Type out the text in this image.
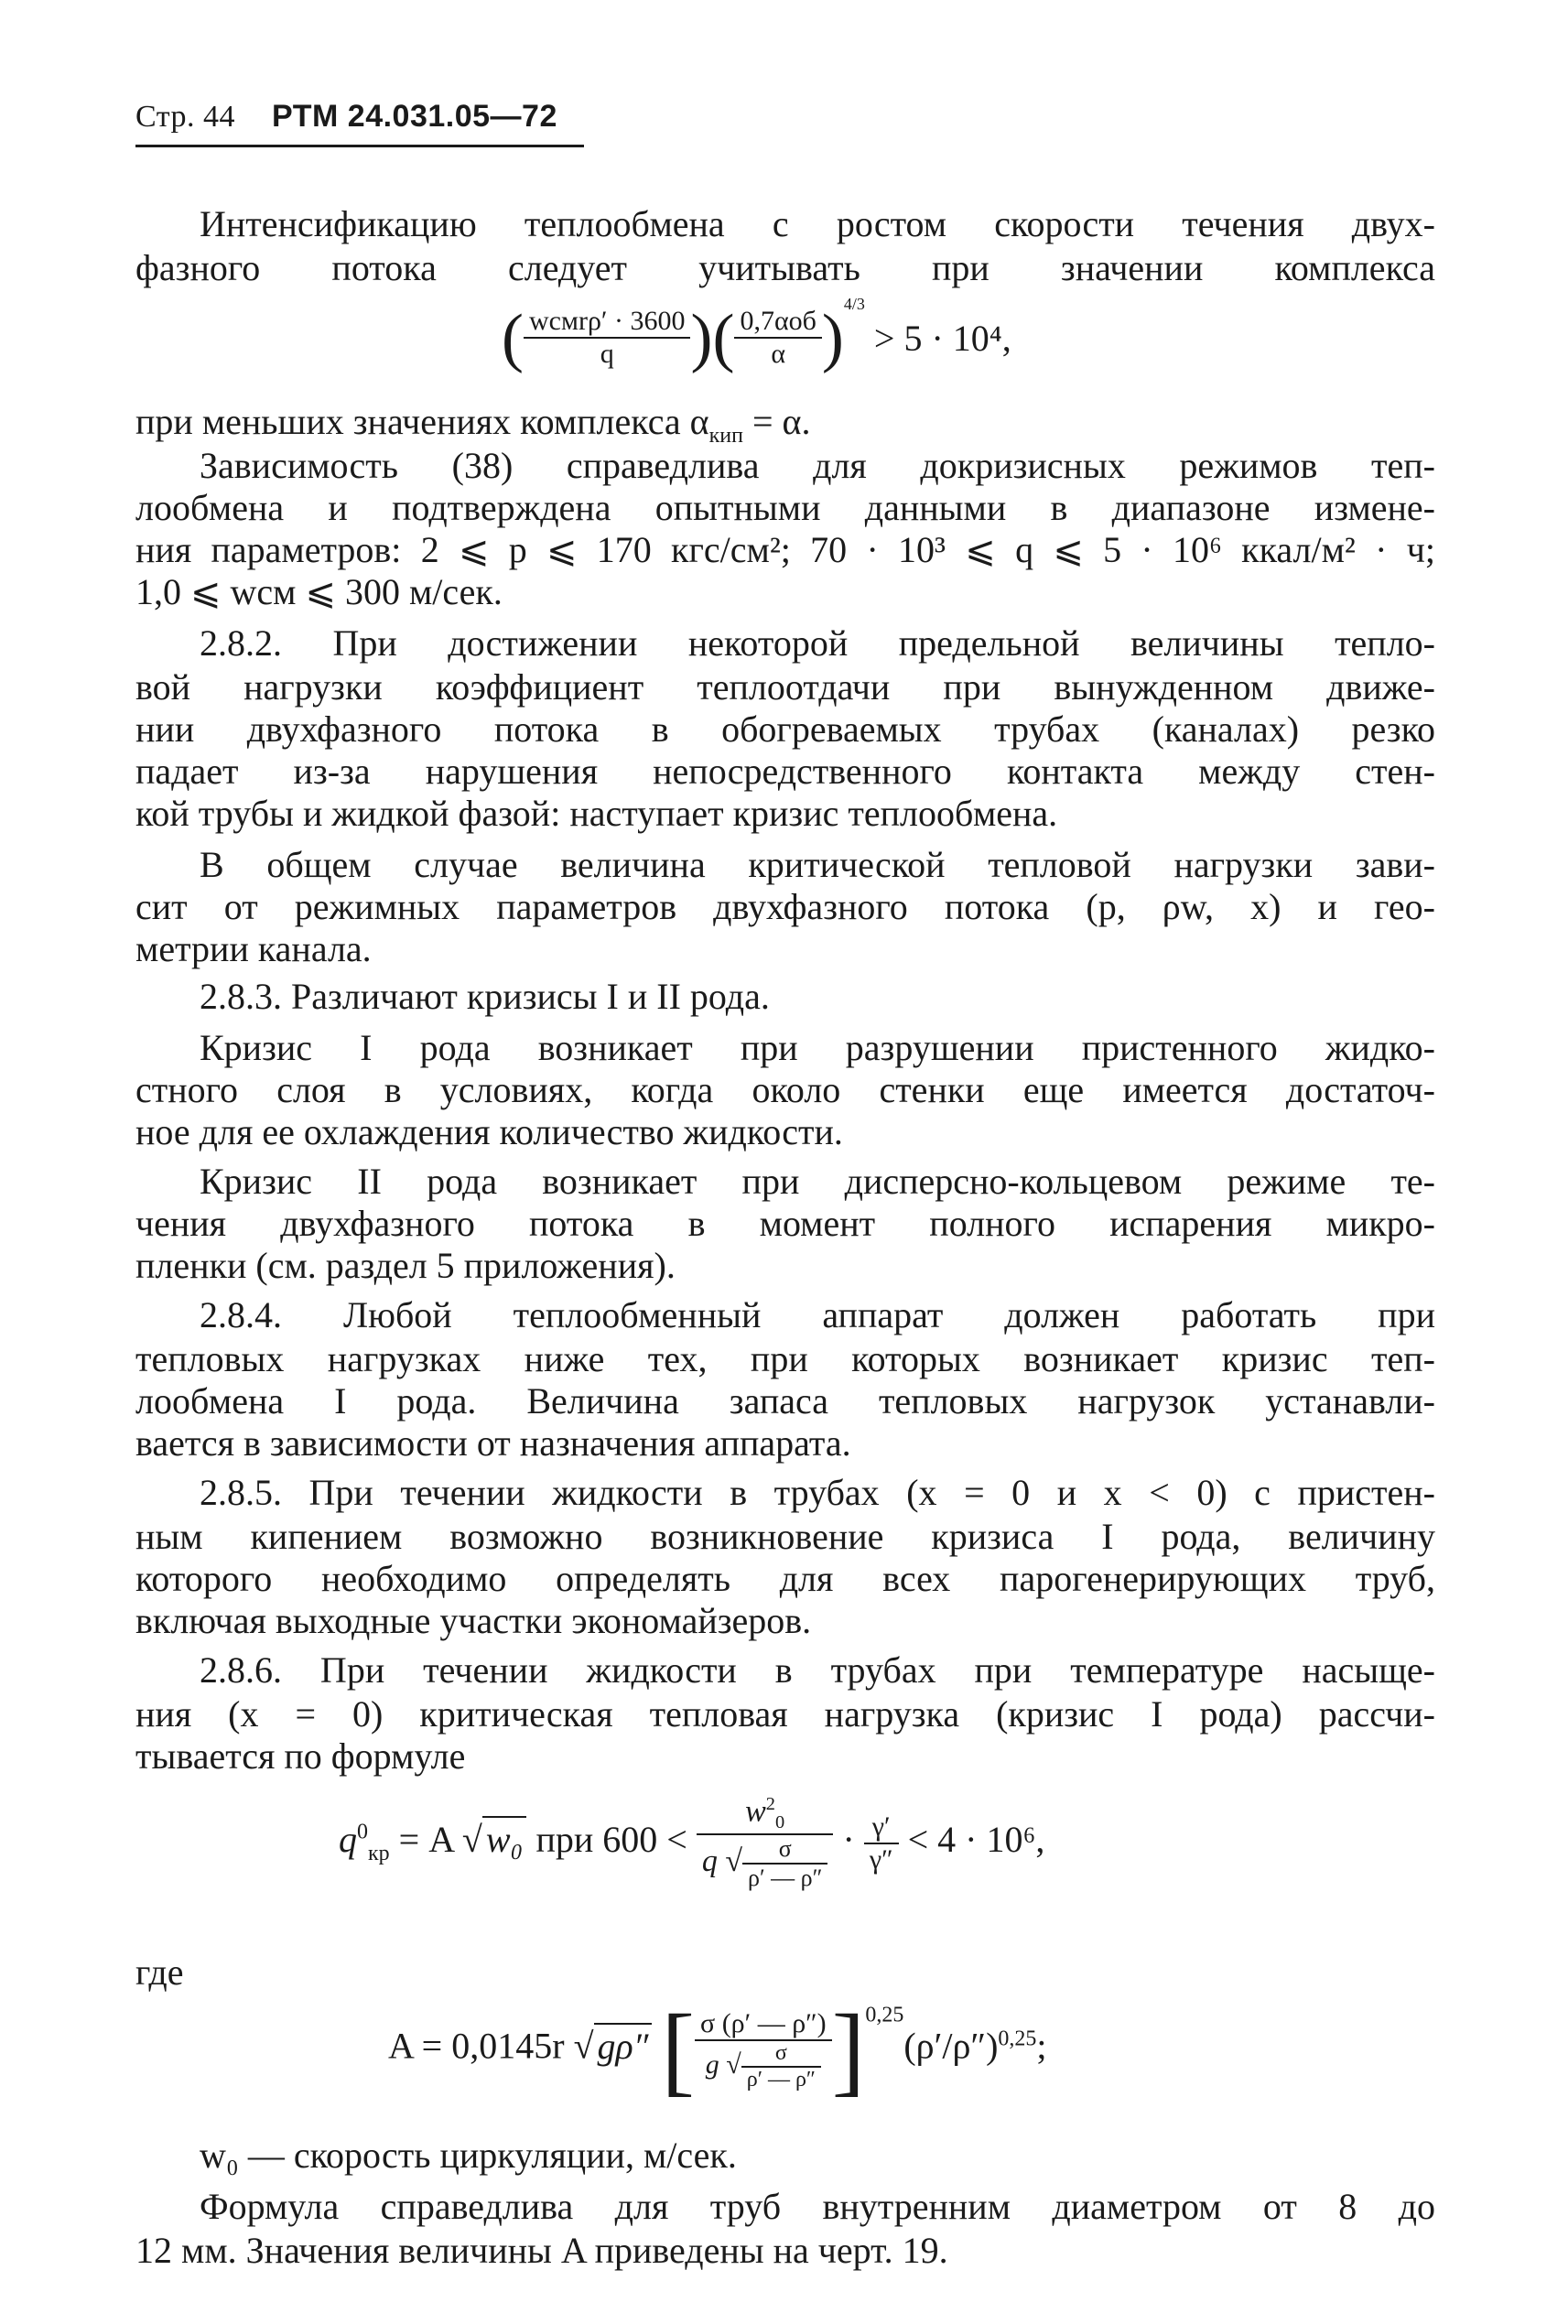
Стр. 44 РТМ 24.031.05—72
Интенсификацию теплообмена с ростом скорости течения двух-
фазного потока следует учитывать при значении комплекса
( $\frac{\text{wсмrρ′ · 3600}}{q}$ )( $\frac{\text{0,7αоб}}{\alpha} )^{4/3}> 5 \cdot 10^4$,
при меньших значениях комплекса $\alpha_{кип} = \alpha$.
Зависимость (38) справедлива для докризисных режимов теп-
лообмена и подтверждена опытными данными в диапазоне измене-
ния параметров: 2 ⩽ p ⩽ 170 кгс/см²; 70 · 10³ ⩽ q ⩽ 5 · 10⁶ ккал/м² · ч;
1,0 ⩽ wсм ⩽ 300 м/сек.
2.8.2. При достижении некоторой предельной величины тепло-
вой нагрузки коэффициент теплоотдачи при вынужденном движе-
нии двухфазного потока в обогреваемых трубах (каналах) резко
падает из-за нарушения непосредственного контакта между стен-
кой трубы и жидкой фазой: наступает кризис теплообмена.
В общем случае величина критической тепловой нагрузки зави-
сит от режимных параметров двухфазного потока (p, ρw, x) и гео-
метрии канала.
2.8.3. Различают кризисы I и II рода.
Кризис I рода возникает при разрушении пристенного жидко-
стного слоя в условиях, когда около стенки еще имеется достаточ-
ное для ее охлаждения количество жидкости.
Кризис II рода возникает при дисперсно-кольцевом режиме те-
чения двухфазного потока в момент полного испарения микро-
пленки (см. раздел 5 приложения).
2.8.4. Любой теплообменный аппарат должен работать при
тепловых нагрузках ниже тех, при которых возникает кризис теп-
лообмена I рода. Величина запаса тепловых нагрузок устанавли-
вается в зависимости от назначения аппарата.
2.8.5. При течении жидкости в трубах (x = 0 и x < 0) с пристен-
ным кипением возможно возникновение кризиса I рода, величину
которого необходимо определять для всех парогенерирующих труб,
включая выходные участки экономайзеров.
2.8.6. При течении жидкости в трубах при температуре насыще-
ния (x = 0) критическая тепловая нагрузка (кризис I рода) рассчи-
тывается по формуле
$q^0_{кр} = A$ √ w₀ при $600 < \frac{w^2_0}{q √ \frac{\sigma}{\rho' — \rho''}} \cdot \frac{\gamma'}{\gamma''} < 4 \cdot 10^6$,
где
A = 0,0145r √ gρ″ [ $\frac{\sigma (\rho' — \rho'')}{g √ \frac{\sigma}{\rho' — \rho''}} ]^{0,25}(\rho'/\rho'')^{0,25}$;
w₀ — скорость циркуляции, м/сек.
Формула справедлива для труб внутренним диаметром от 8 до
12 мм. Значения величины A приведены на черт. 19.
